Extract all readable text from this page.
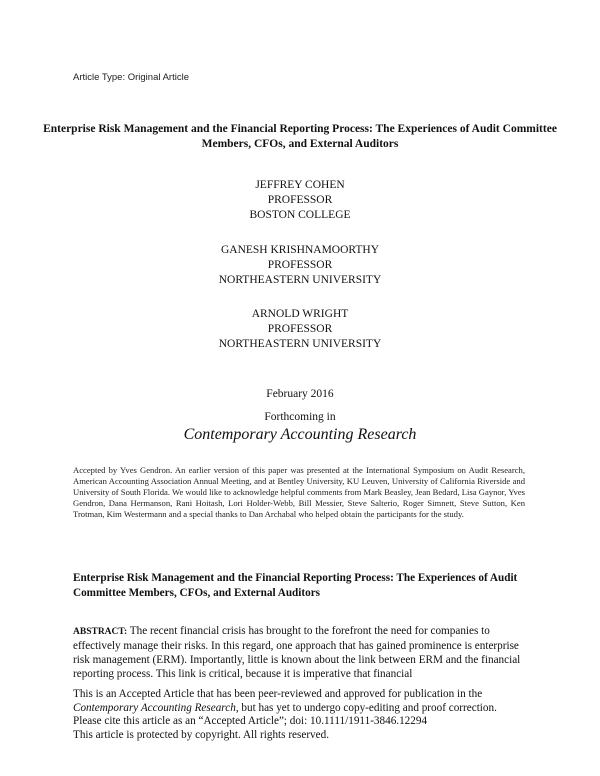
Article Type: Original Article
Enterprise Risk Management and the Financial Reporting Process: The Experiences of Audit Committee Members, CFOs, and External Auditors
JEFFREY COHEN
PROFESSOR
BOSTON COLLEGE
GANESH KRISHNAMOORTHY
PROFESSOR
NORTHEASTERN UNIVERSITY
ARNOLD WRIGHT
PROFESSOR
NORTHEASTERN UNIVERSITY
February 2016
Forthcoming in
Contemporary Accounting Research
Accepted by Yves Gendron. An earlier version of this paper was presented at the International Symposium on Audit Research, American Accounting Association Annual Meeting, and at Bentley University, KU Leuven, University of California Riverside and University of South Florida. We would like to acknowledge helpful comments from Mark Beasley, Jean Bedard, Lisa Gaynor, Yves Gendron, Dana Hermanson, Rani Hoitash, Lori Holder-Webb, Bill Messier, Steve Salterio, Roger Simnett, Steve Sutton, Ken Trotman, Kim Westermann and a special thanks to Dan Archabal who helped obtain the participants for the study.
Enterprise Risk Management and the Financial Reporting Process: The Experiences of Audit Committee Members, CFOs, and External Auditors
ABSTRACT: The recent financial crisis has brought to the forefront the need for companies to effectively manage their risks. In this regard, one approach that has gained prominence is enterprise risk management (ERM). Importantly, little is known about the link between ERM and the financial reporting process. This link is critical, because it is imperative that financial
This is an Accepted Article that has been peer-reviewed and approved for publication in the
Contemporary Accounting Research, but has yet to undergo copy-editing and proof correction.
Please cite this article as an “Accepted Article”; doi: 10.1111/1911-3846.12294
This article is protected by copyright. All rights reserved.
